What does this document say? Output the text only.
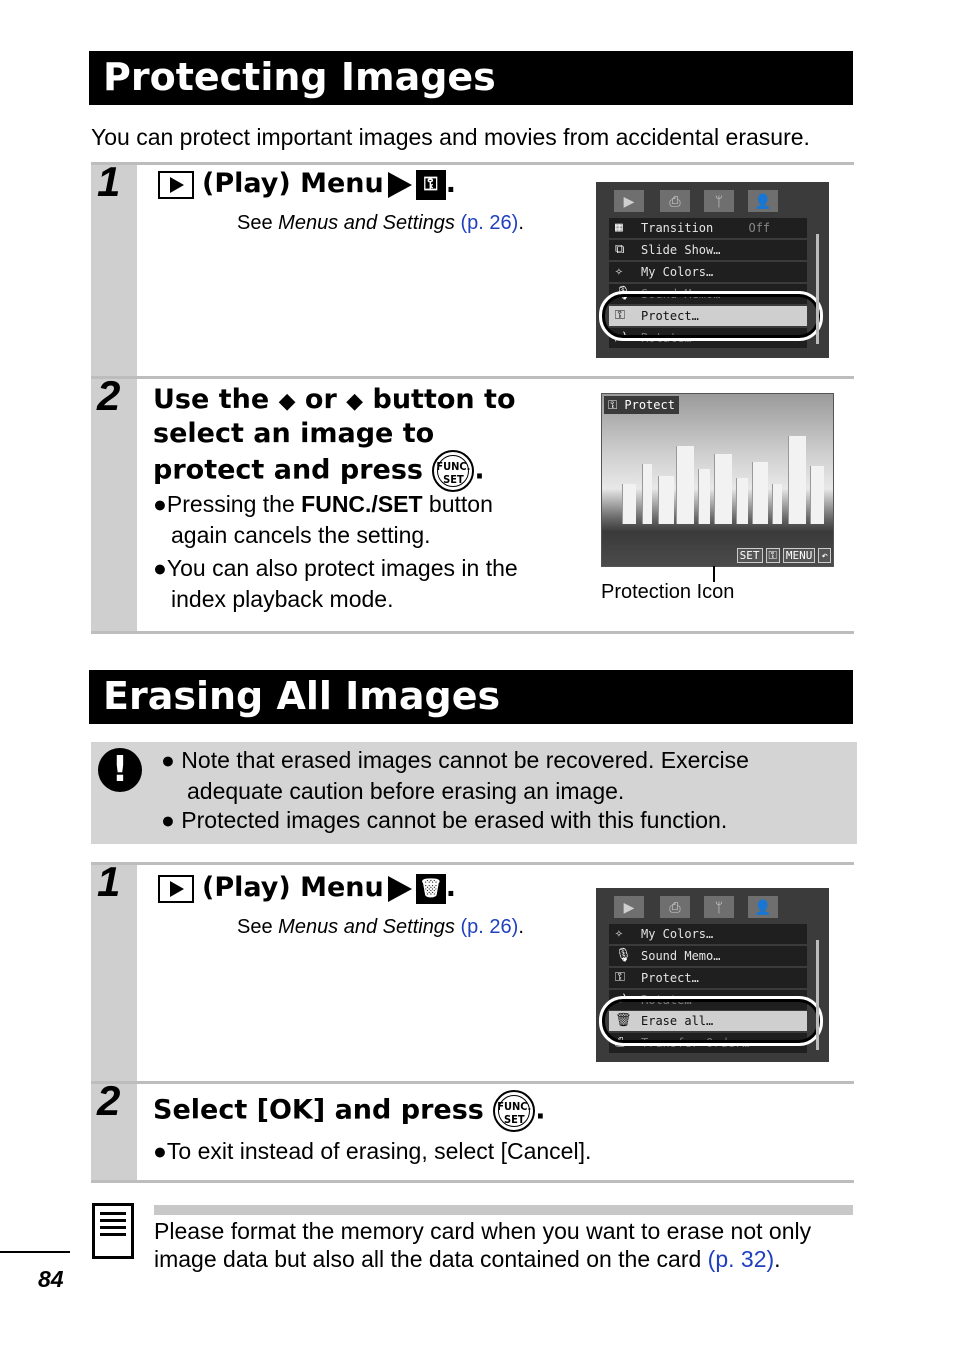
Protecting Images
You can protect important images and movies from accidental erasure.
1	(Play) Menu ⚿ .
See Menus and Settings (p. 26).
▶	⎙	ᛘ	👤
▦ Transition	Off
⧉ Slide Show…
✧ My Colors…
🎙 Sound Memo…
⚿ Protect…
⤾ Rotate…
2 Use the ◆ or ◆ button to
select an image to
protect and press FUNC.
SET .
●Pressing the FUNC./SET button
again cancels the setting.
●You can also protect images in the
index playback mode.
⚿ Protect
SET ⚿ MENU ↶
Protection Icon
Erasing All Images
!	● Note that erased images cannot be recovered. Exercise
adequate caution before erasing an image.
● Protected images cannot be erased with this function.
1	(Play) Menu 🗑 .
See Menus and Settings (p. 26).
▶	⎙	ᛘ	👤
✧ My Colors…
🎙 Sound Memo…
⚿ Protect…
⤾ Rotate…
🗑 Erase all…
⎙ Transfer Order…
2 Select [OK] and press FUNC.
SET .
●To exit instead of erasing, select [Cancel].
Please format the memory card when you want to erase not only
image data but also all the data contained on the card (p. 32).
84
